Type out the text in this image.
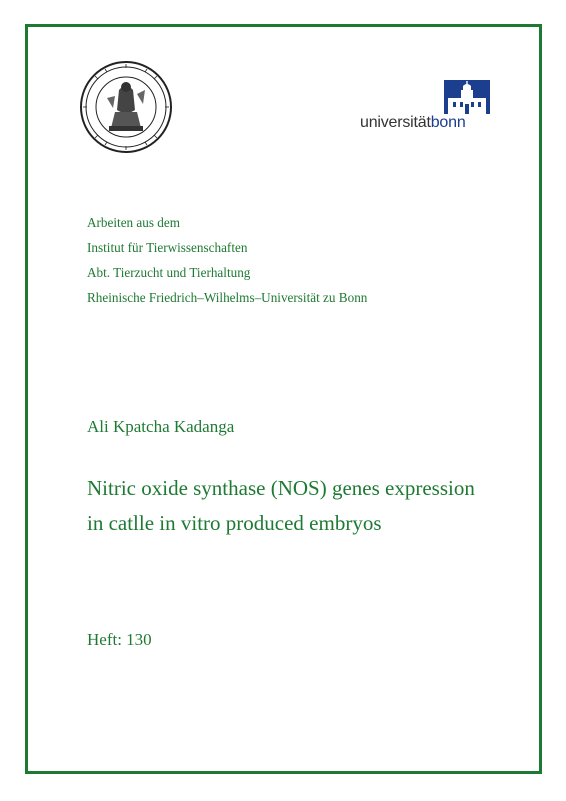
universitätbonn
Arbeiten aus dem
Institut für Tierwissenschaften
Abt. Tierzucht und Tierhaltung
Rheinische Friedrich–Wilhelms–Universität zu Bonn
Ali Kpatcha Kadanga
Nitric oxide synthase (NOS) genes expression
in catlle in vitro produced embryos
Heft: 130
